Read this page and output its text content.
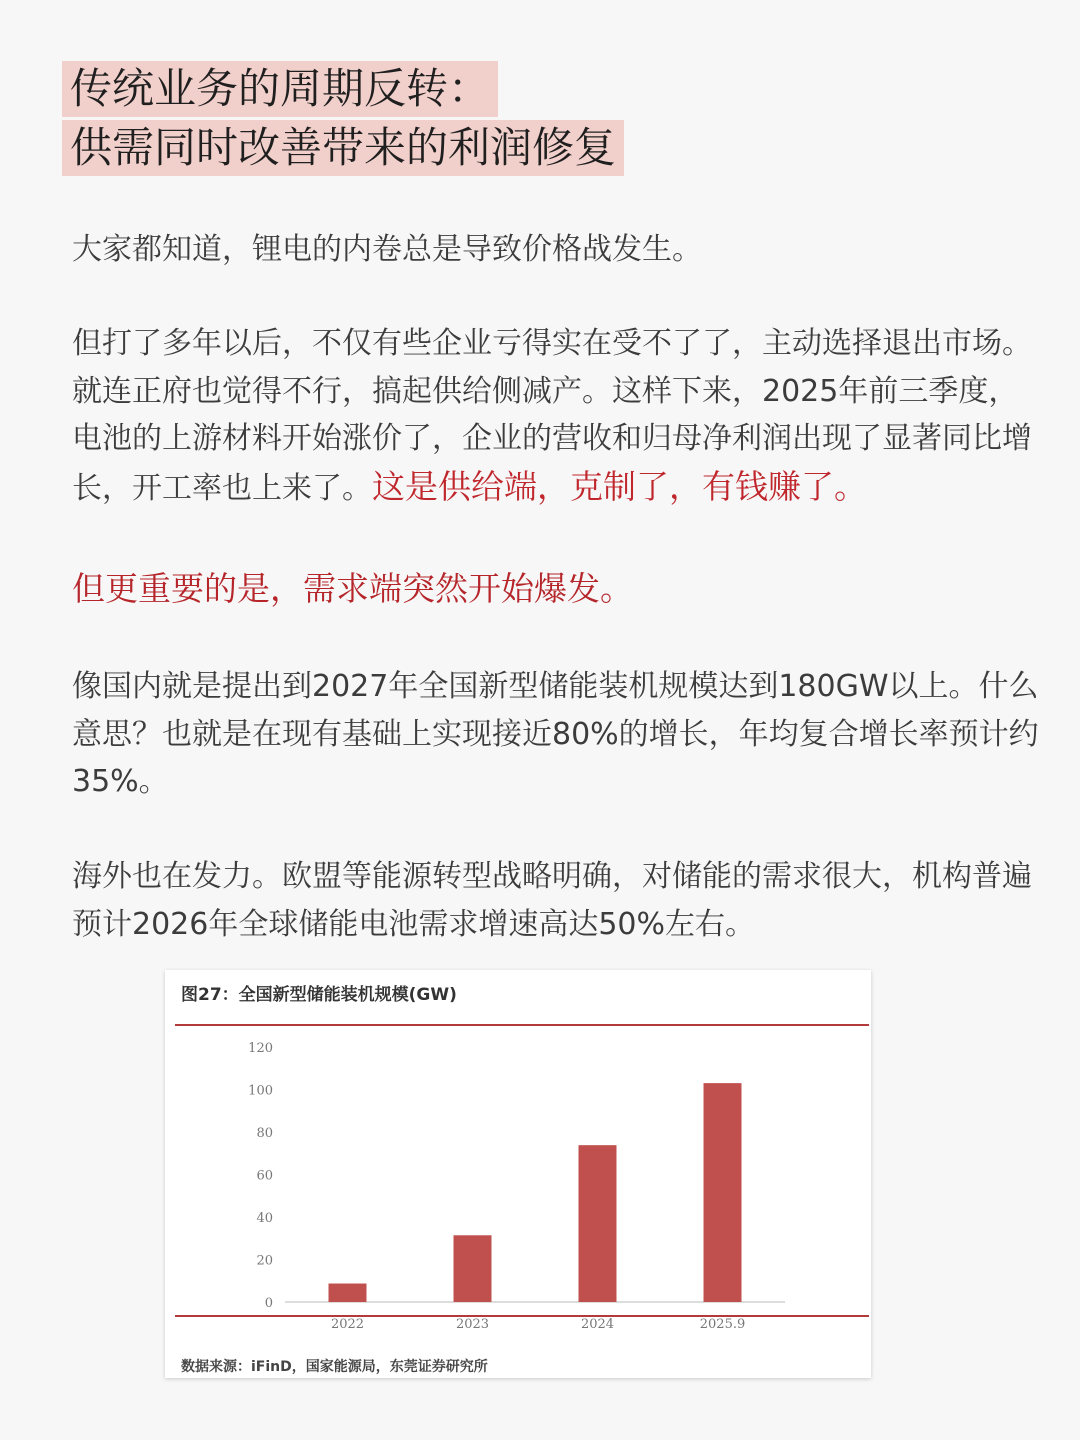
传统业务的周期反转：
供需同时改善带来的利润修复

大家都知道，锂电的内卷总是导致价格战发生。

但打了多年以后，不仅有些企业亏得实在受不了了，主动选择退出市场。就连正府也觉得不行，搞起供给侧减产。这样下来，2025年前三季度，电池的上游材料开始涨价了，企业的营收和归母净利润出现了显著同比增长，开工率也上来了。这是供给端，克制了，有钱赚了。

但更重要的是，需求端突然开始爆发。

像国内就是提出到2027年全国新型储能装机规模达到180GW以上。什么意思？也就是在现有基础上实现接近80%的增长，年均复合增长率预计约35%。

海外也在发力。欧盟等能源转型战略明确，对储能的需求很大，机构普遍预计2026年全球储能电池需求增速高达50%左右。

图27：全国新型储能装机规模(GW)
0
20
40
60
80
100
120
2022	2023	2024	2025.9
数据来源：iFinD，国家能源局，东莞证券研究所
